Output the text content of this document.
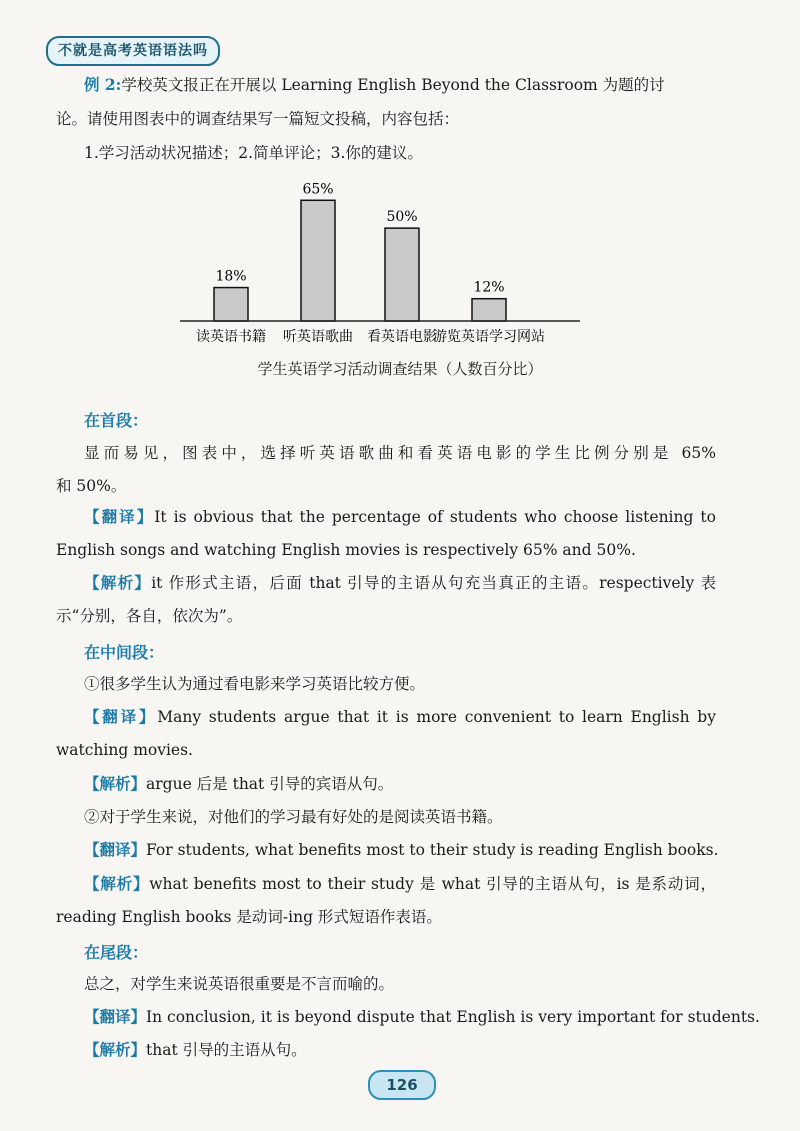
不就是高考英语语法吗
例 2:学校英文报正在开展以 Learning English Beyond the Classroom 为题的讨
论。请使用图表中的调查结果写一篇短文投稿，内容包括：
1.学习活动状况描述；2.简单评论；3.你的建议。
18%
读英语书籍
65%
听英语歌曲
50%
看英语电影
12%
游览英语学习网站
学生英语学习活动调查结果（人数百分比）
在首段：
显而易见，图表中，选择听英语歌曲和看英语电影的学生比例分别是 65%
和 50%。
【翻译】It is obvious that the percentage of students who choose listening to
English songs and watching English movies is respectively 65% and 50%.
【解析】it 作形式主语，后面 that 引导的主语从句充当真正的主语。respectively 表
示“分别，各自，依次为”。
在中间段：
①很多学生认为通过看电影来学习英语比较方便。
【翻译】Many students argue that it is more convenient to learn English by
watching movies.
【解析】argue 后是 that 引导的宾语从句。
②对于学生来说，对他们的学习最有好处的是阅读英语书籍。
【翻译】For students, what benefits most to their study is reading English books.
【解析】what benefits most to their study 是 what 引导的主语从句，is 是系动词，
reading English books 是动词-ing 形式短语作表语。
在尾段：
总之，对学生来说英语很重要是不言而喻的。
【翻译】In conclusion, it is beyond dispute that English is very important for students.
【解析】that 引导的主语从句。
126
